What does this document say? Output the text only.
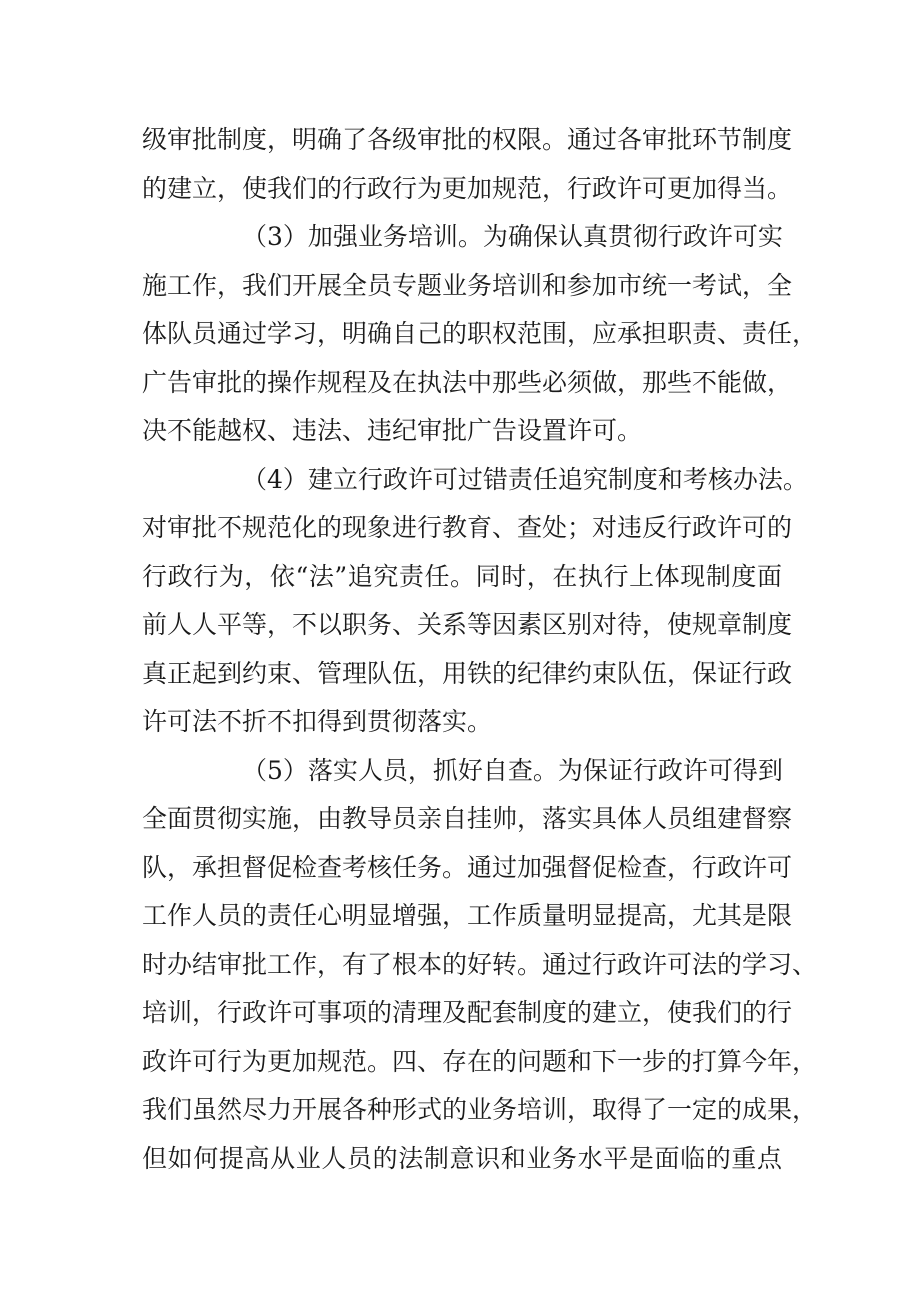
级审批制度，明确了各级审批的权限。通过各审批环节制度
的建立，使我们的行政行为更加规范，行政许可更加得当。
（3）加强业务培训。为确保认真贯彻行政许可实
施工作，我们开展全员专题业务培训和参加市统一考试，全
体队员通过学习，明确自己的职权范围，应承担职责、责任，
广告审批的操作规程及在执法中那些必须做，那些不能做，
决不能越权、违法、违纪审批广告设置许可。
（4）建立行政许可过错责任追究制度和考核办法。
对审批不规范化的现象进行教育、查处；对违反行政许可的
行政行为，依“法”追究责任。同时，在执行上体现制度面
前人人平等，不以职务、关系等因素区别对待，使规章制度
真正起到约束、管理队伍，用铁的纪律约束队伍，保证行政
许可法不折不扣得到贯彻落实。
（5）落实人员，抓好自查。为保证行政许可得到
全面贯彻实施，由教导员亲自挂帅，落实具体人员组建督察
队，承担督促检查考核任务。通过加强督促检查，行政许可
工作人员的责任心明显增强，工作质量明显提高，尤其是限
时办结审批工作，有了根本的好转。通过行政许可法的学习、
培训，行政许可事项的清理及配套制度的建立，使我们的行
政许可行为更加规范。四、存在的问题和下一步的打算今年，
我们虽然尽力开展各种形式的业务培训，取得了一定的成果，
但如何提高从业人员的法制意识和业务水平是面临的重点
